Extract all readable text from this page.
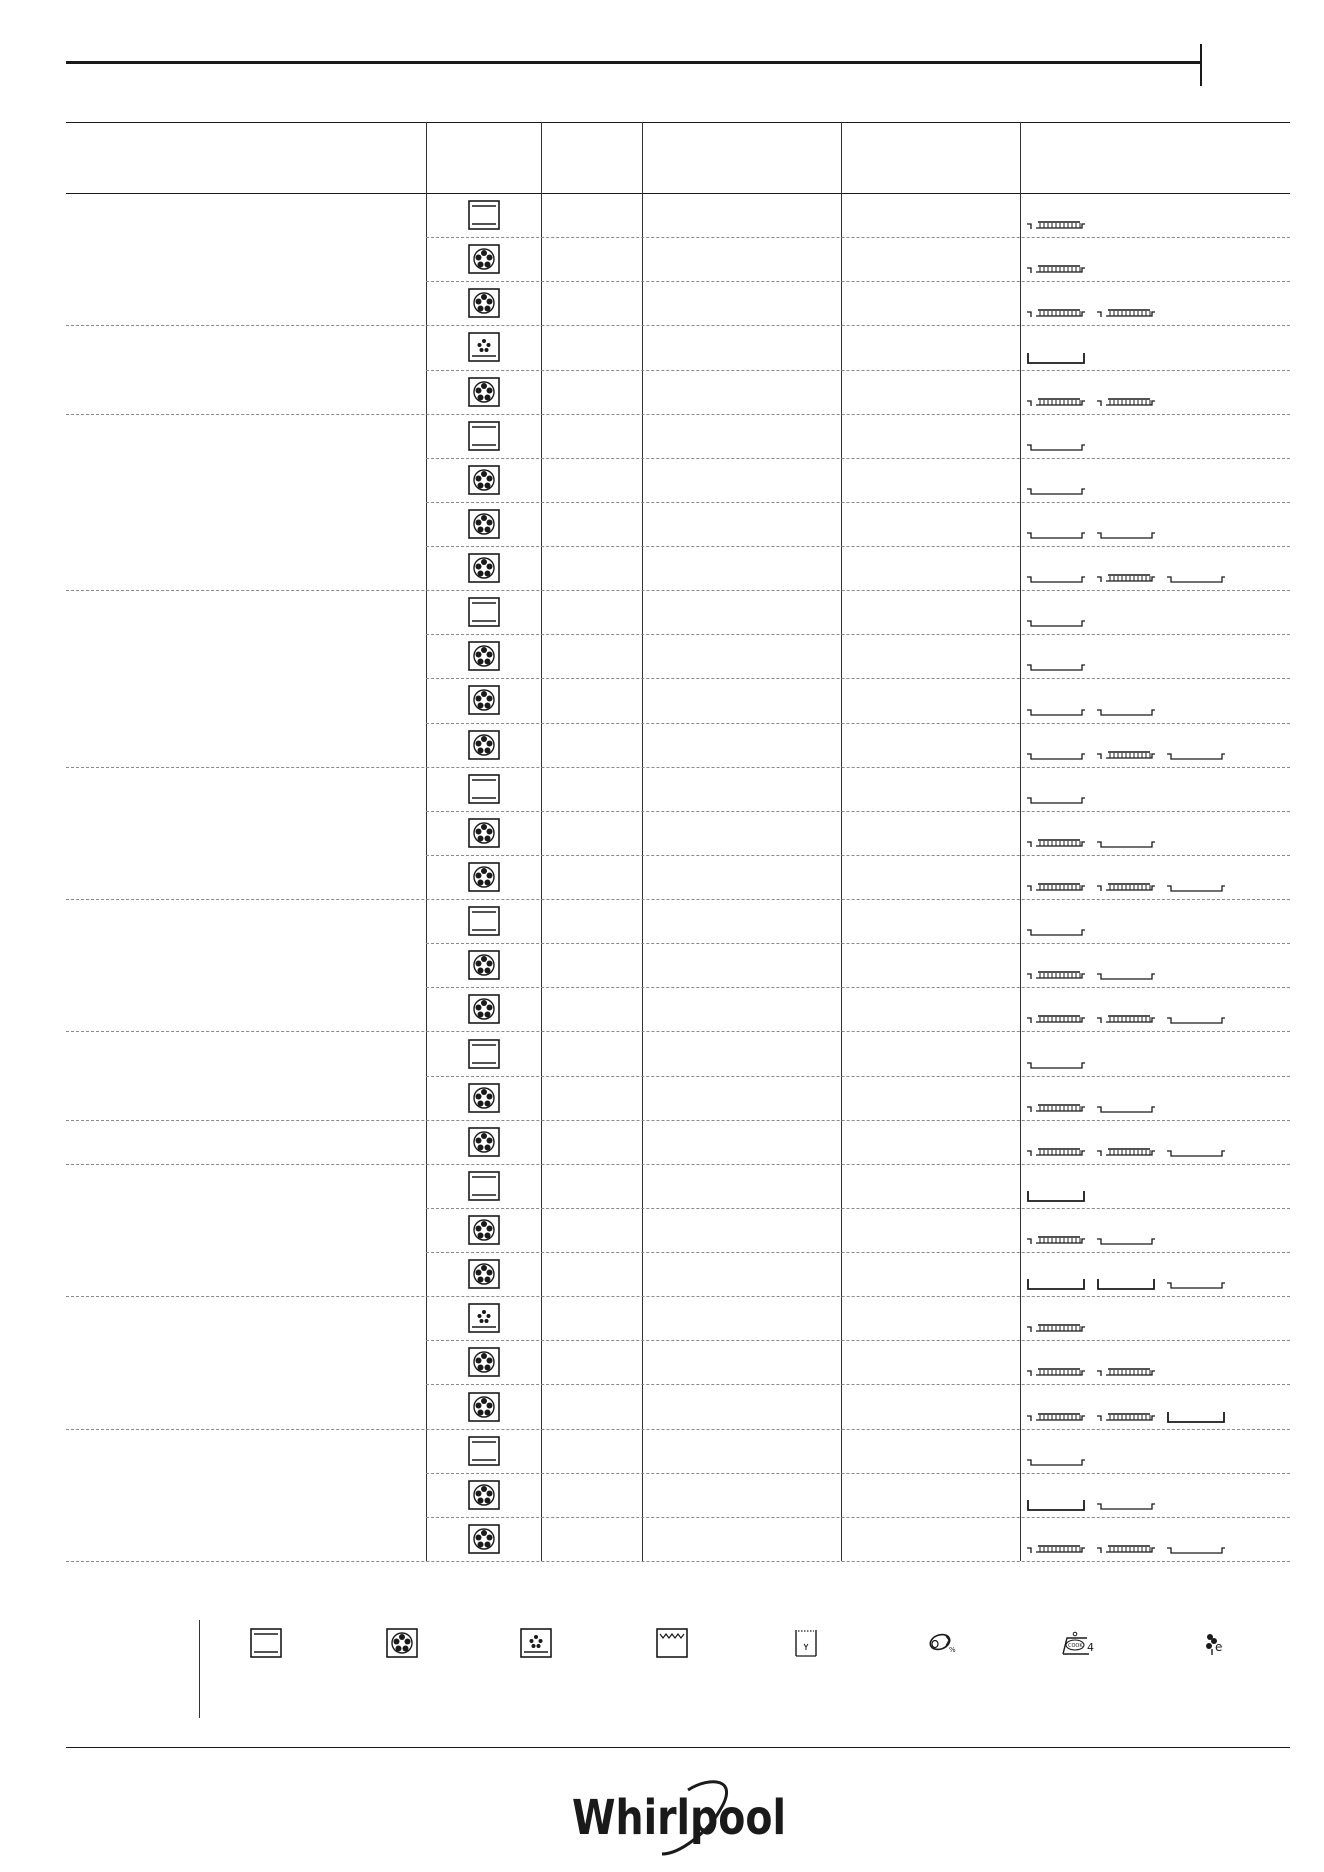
%	COOK 4	e
Whirlpool
